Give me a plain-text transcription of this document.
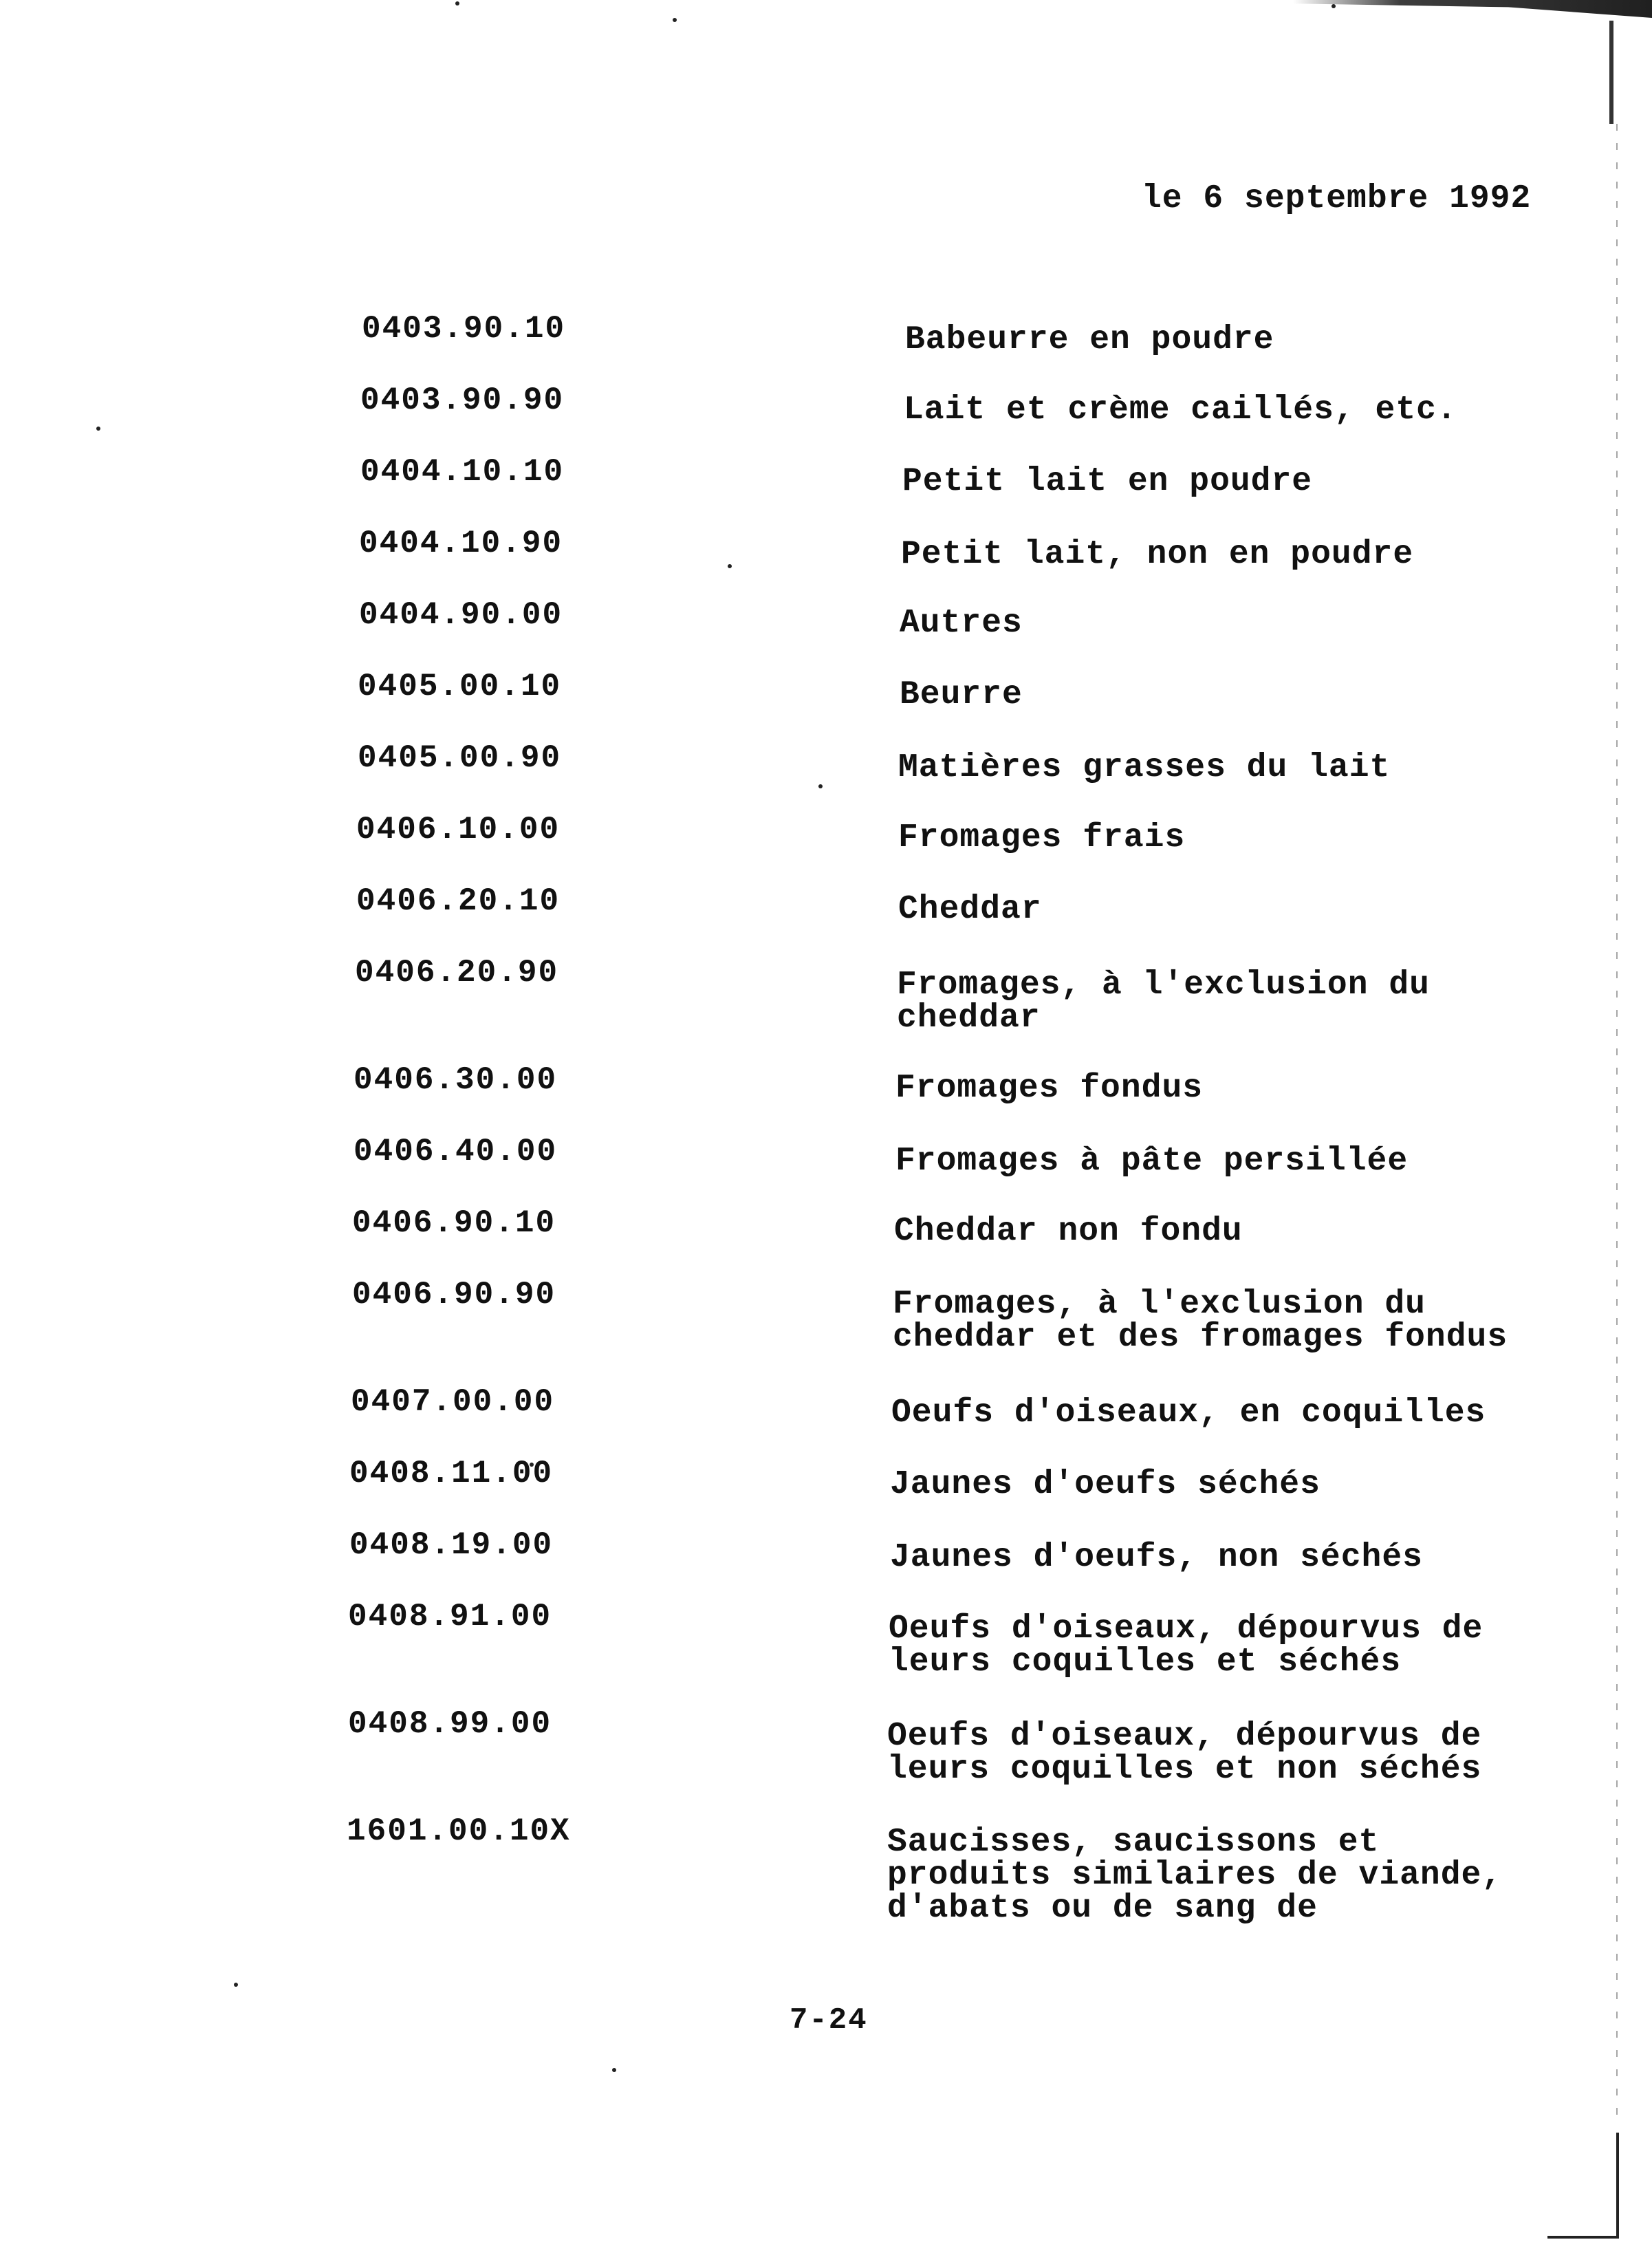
le 6 septembre 1992
0403.90.10	Babeurre en poudre
0403.90.90	Lait et crème caillés, etc.
0404.10.10	Petit lait en poudre
0404.10.90	Petit lait, non en poudre
0404.90.00	Autres
0405.00.10	Beurre
0405.00.90	Matières grasses du lait
0406.10.00	Fromages frais
0406.20.10	Cheddar
0406.20.90	Fromages, à l'exclusion du
cheddar
0406.30.00	Fromages fondus
0406.40.00	Fromages à pâte persillée
0406.90.10	Cheddar non fondu
0406.90.90	Fromages, à l'exclusion du
cheddar et des fromages fondus
0407.00.00	Oeufs d'oiseaux, en coquilles
0408.11.00	Jaunes d'oeufs séchés
0408.19.00	Jaunes d'oeufs, non séchés
0408.91.00	Oeufs d'oiseaux, dépourvus de
leurs coquilles et séchés
0408.99.00	Oeufs d'oiseaux, dépourvus de
leurs coquilles et non séchés
1601.00.10X	Saucisses, saucissons et
produits similaires de viande,
d'abats ou de sang de
7-24
